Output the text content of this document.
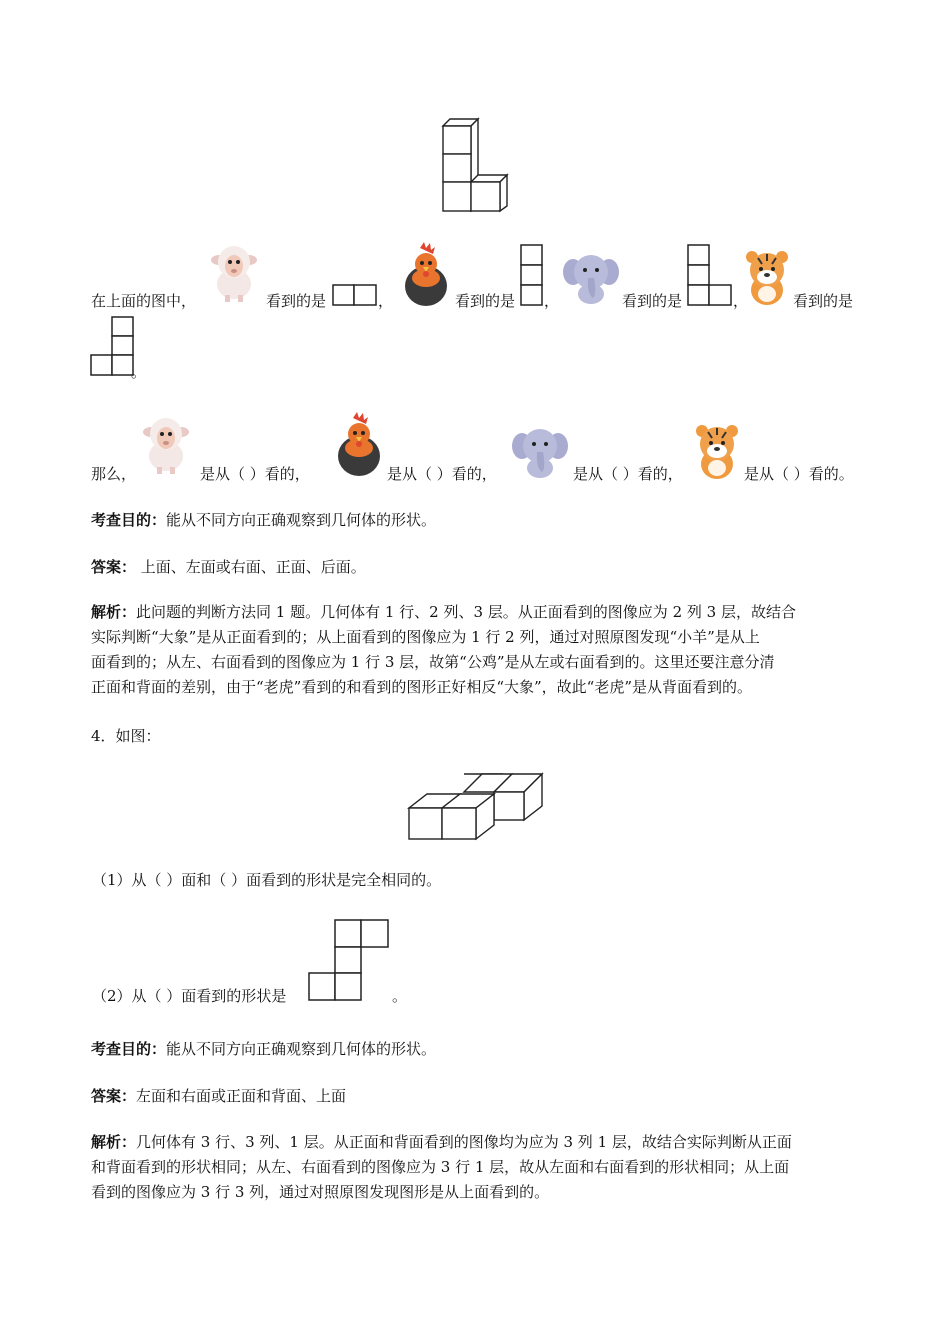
在上面的图中，	看到的是	，	看到的是 ，	看到的是	，	看到的是
。
那么，	是从（ ）看的，	是从（ ）看的，	是从（ ）看的，	是从（ ）看的。
考查目的：能从不同方向正确观察到几何体的形状。
答案： 上面、左面或右面、正面、后面。
解析：此问题的判断方法同 1 题。几何体有 1 行、2 列、3 层。从正面看到的图像应为 2 列 3 层，故结合
实际判断“大象”是从正面看到的；从上面看到的图像应为 1 行 2 列，通过对照原图发现“小羊”是从上
面看到的；从左、右面看到的图像应为 1 行 3 层，故第“公鸡”是从左或右面看到的。这里还要注意分清
正面和背面的差别，由于“老虎”看到的和看到的图形正好相反“大象”，故此“老虎”是从背面看到的。
4．如图：
（1）从（ ）面和（ ）面看到的形状是完全相同的。
（2）从（ ）面看到的形状是	。
考查目的：能从不同方向正确观察到几何体的形状。
答案：左面和右面或正面和背面、上面
解析：几何体有 3 行、3 列、1 层。从正面和背面看到的图像均为应为 3 列 1 层，故结合实际判断从正面
和背面看到的形状相同；从左、右面看到的图像应为 3 行 1 层，故从左面和右面看到的形状相同；从上面
看到的图像应为 3 行 3 列，通过对照原图发现图形是从上面看到的。
